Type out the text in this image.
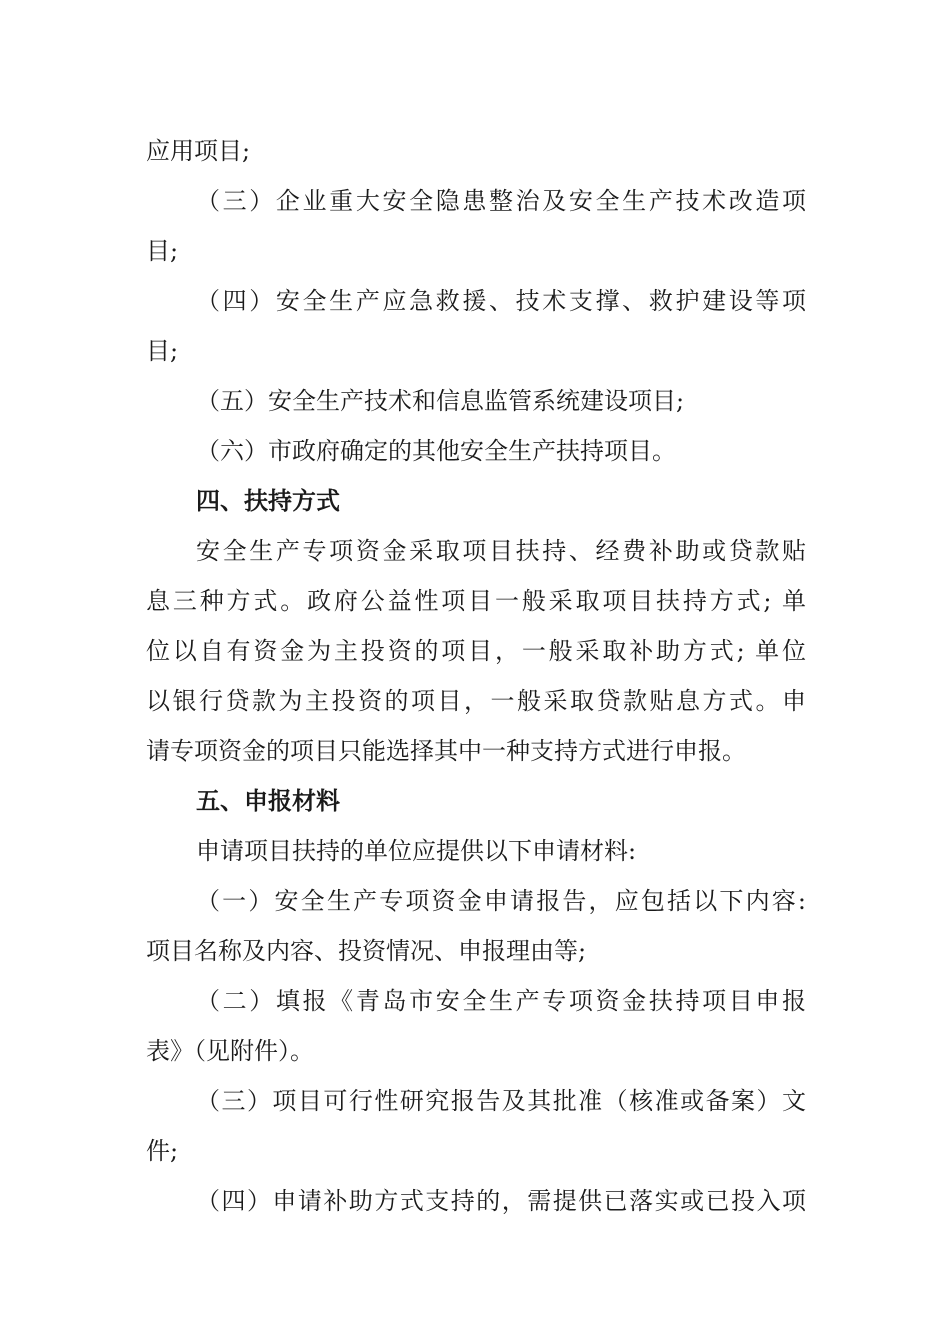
应用项目;
（三）企业重大安全隐患整治及安全生产技术改造项
目;
（四）安全生产应急救援、技术支撑、救护建设等项
目;
（五）安全生产技术和信息监管系统建设项目;
（六）市政府确定的其他安全生产扶持项目。
四、扶持方式
安全生产专项资金采取项目扶持、经费补助或贷款贴
息三种方式。政府公益性项目一般采取项目扶持方式; 单
位以自有资金为主投资的项目，一般采取补助方式; 单位
以银行贷款为主投资的项目，一般采取贷款贴息方式。申
请专项资金的项目只能选择其中一种支持方式进行申报。
五、申报材料
申请项目扶持的单位应提供以下申请材料:
（一）安全生产专项资金申请报告，应包括以下内容:
项目名称及内容、投资情况、申报理由等;
（二）填报《青岛市安全生产专项资金扶持项目申报
表》（见附件）。
（三）项目可行性研究报告及其批准（核准或备案）文
件;
（四）申请补助方式支持的，需提供已落实或已投入项
